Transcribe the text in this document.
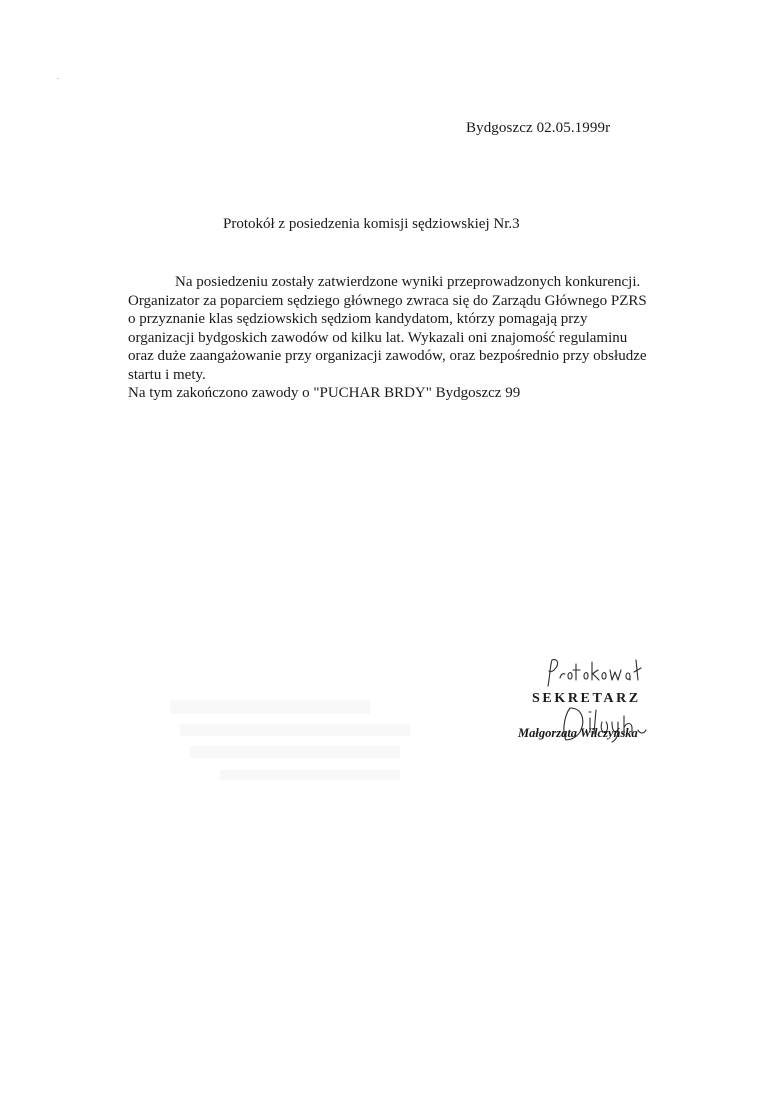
Bydgoszcz 02.05.1999r
Protokół z posiedzenia komisji sędziowskiej Nr.3
Na posiedzeniu zostały zatwierdzone wyniki przeprowadzonych konkurencji.
Organizator za poparciem sędziego głównego zwraca się do Zarządu Głównego PZRS
o przyznanie klas sędziowskich sędziom kandydatom, którzy pomagają przy
organizacji bydgoskich zawodów od kilku lat. Wykazali oni znajomość regulaminu
oraz duże zaangażowanie przy organizacji zawodów, oraz bezpośrednio przy obsłudze
startu i mety.
Na tym zakończono zawody o "PUCHAR BRDY" Bydgoszcz 99
SEKRETARZ
Małgorzata Wilczyńska
